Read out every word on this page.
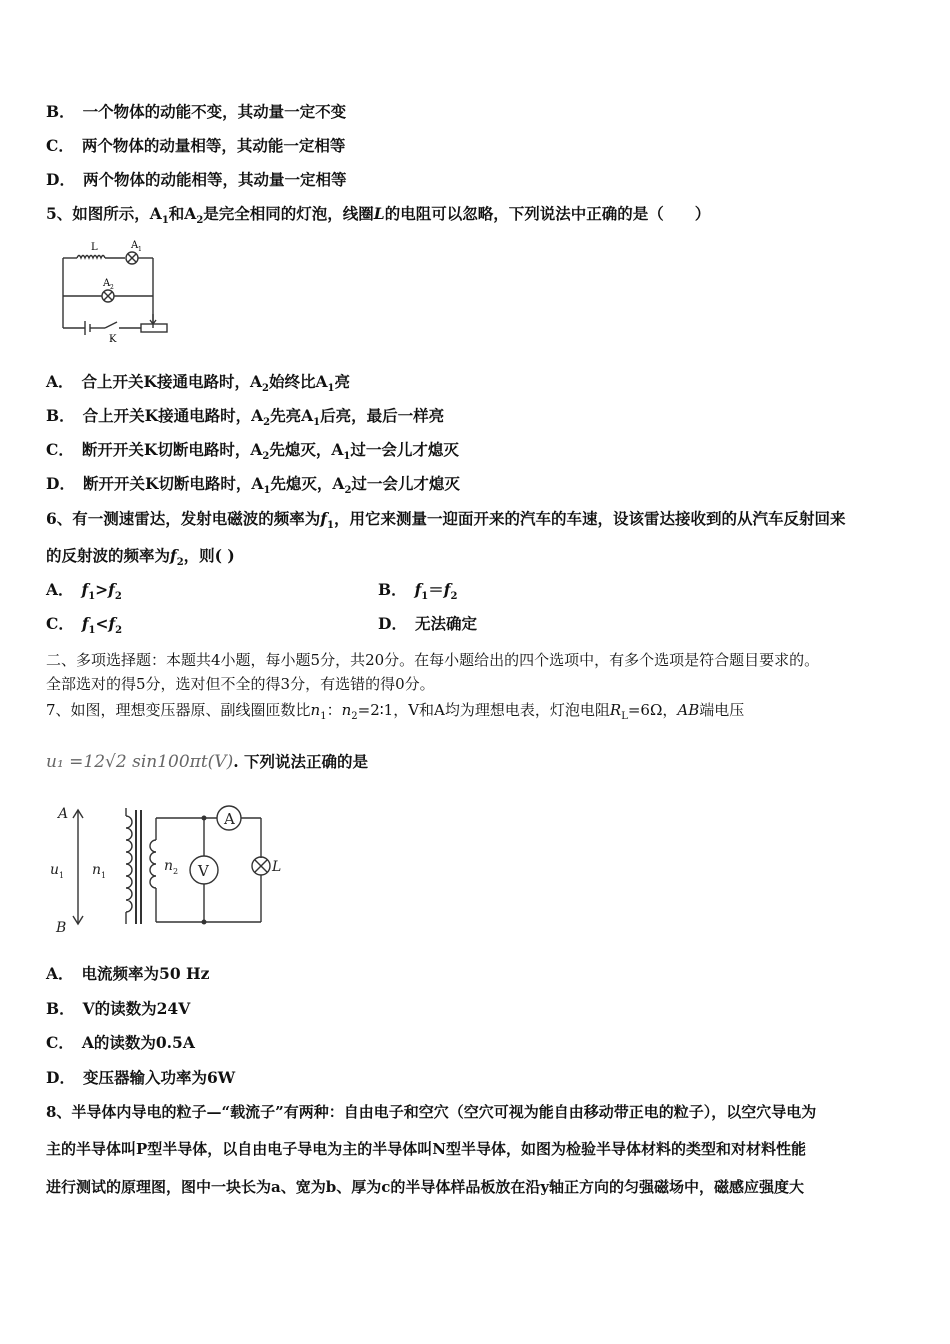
B． 一个物体的动能不变，其动量一定不变
C． 两个物体的动量相等，其动能一定相等
D． 两个物体的动能相等，其动量一定相等
5、如图所示，$A_1$和$A_2$是完全相同的灯泡，线圈L的电阻可以忽略，下列说法中正确的是（　　）
L	A 1
A 2
K
A． 合上开关K接通电路时，$A_2$始终比$A_1$亮
B． 合上开关K接通电路时，$A_2$先亮$A_1$后亮，最后一样亮
C． 断开开关K切断电路时，$A_2$先熄灭，$A_1$过一会儿才熄灭
D． 断开开关K切断电路时，$A_1$先熄灭，$A_2$过一会儿才熄灭
6、有一测速雷达，发射电磁波的频率为$f_1$，用它来测量一迎面开来的汽车的车速，设该雷达接收到的从汽车反射回来
的反射波的频率为$f_2$，则( )
A． $f_1>f_2$	B． $f_1=f_2$
C． $f_1<f_2$	D． 无法确定
二、多项选择题：本题共4小题，每小题5分，共20分。在每小题给出的四个选项中，有多个选项是符合题目要求的。
全部选对的得5分，选对但不全的得3分，有选错的得0分。
7、如图，理想变压器原、副线圈匝数比$n_1$：$n_2=2∶1$，V和A均为理想电表，灯泡电阻$R_L=6\Omega$，AB端电压
u₁ =12√2 sin100πt(V). 下列说法正确的是
A
B
u 1 n 1
n 2
A
V	L
A． 电流频率为50 Hz
B． V的读数为24V
C． A的读数为0.5A
D． 变压器输入功率为6W
8、半导体内导电的粒子—“载流子”有两种：自由电子和空穴（空穴可视为能自由移动带正电的粒子），以空穴导电为
主的半导体叫P型半导体，以自由电子导电为主的半导体叫N型半导体，如图为检验半导体材料的类型和对材料性能
进行测试的原理图，图中一块长为a、宽为b、厚为c的半导体样品板放在沿y轴正方向的匀强磁场中，磁感应强度大
